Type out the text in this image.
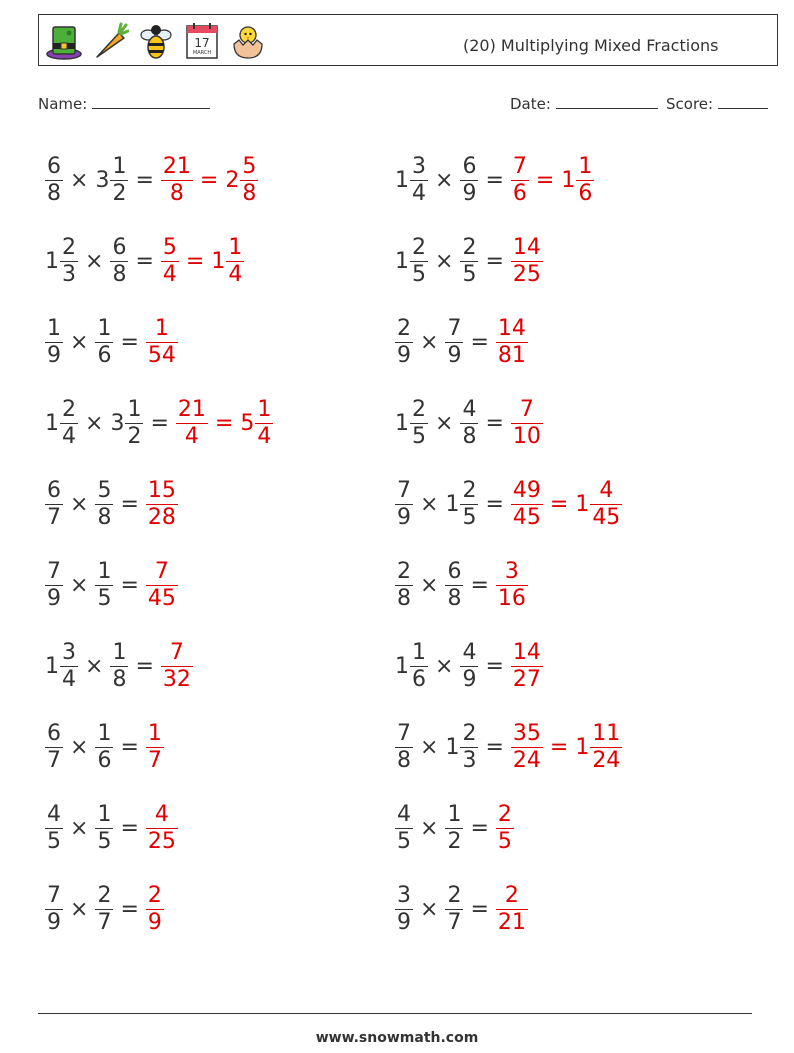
17
MARCH	(20) Multiplying Mixed Fractions
Name:	Date:	Score:
$\frac{6}{8} \times 3 \frac{1}{2} = \frac{21}{8} = 2 \frac{5}{8}$
$1 \frac{2}{3} \times \frac{6}{8} = \frac{5}{4} = 1 \frac{1}{4}$
$\frac{1}{9} \times \frac{1}{6} = \frac{1}{54}$
$1 \frac{2}{4} \times 3 \frac{1}{2} = \frac{21}{4} = 5 \frac{1}{4}$
$\frac{6}{7} \times \frac{5}{8} = \frac{15}{28}$
$\frac{7}{9} \times \frac{1}{5} = \frac{7}{45}$
$1 \frac{3}{4} \times \frac{1}{8} = \frac{7}{32}$
$\frac{6}{7} \times \frac{1}{6} = \frac{1}{7}$
$\frac{4}{5} \times \frac{1}{5} = \frac{4}{25}$
$\frac{7}{9} \times \frac{2}{7} = \frac{2}{9}$
$1 \frac{3}{4} \times \frac{6}{9} = \frac{7}{6} = 1 \frac{1}{6}$
$1 \frac{2}{5} \times \frac{2}{5} = \frac{14}{25}$
$\frac{2}{9} \times \frac{7}{9} = \frac{14}{81}$
$1 \frac{2}{5} \times \frac{4}{8} = \frac{7}{10}$
$\frac{7}{9} \times 1 \frac{2}{5} = \frac{49}{45} = 1 \frac{4}{45}$
$\frac{2}{8} \times \frac{6}{8} = \frac{3}{16}$
$1 \frac{1}{6} \times \frac{4}{9} = \frac{14}{27}$
$\frac{7}{8} \times 1 \frac{2}{3} = \frac{35}{24} = 1 \frac{11}{24}$
$\frac{4}{5} \times \frac{1}{2} = \frac{2}{5}$
$\frac{3}{9} \times \frac{2}{7} = \frac{2}{21}$
www.snowmath.com
